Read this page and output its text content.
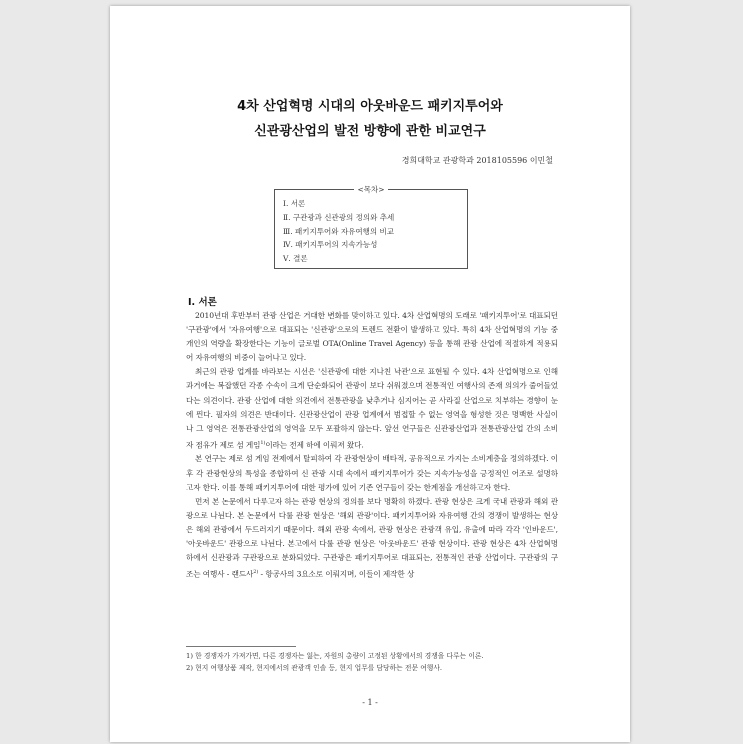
4차 산업혁명 시대의 아웃바운드 패키지투어와
신관광산업의 발전 방향에 관한 비교연구
경희대학교 관광학과 2018105596 이민철
<목차>
Ⅰ. 서론
Ⅱ. 구관광과 신관광의 정의와 추세
Ⅲ. 패키지투어와 자유여행의 비교
Ⅳ. 패키지투어의 지속가능성
Ⅴ. 결론
Ⅰ. 서론

2010년대 후반부터 관광 산업은 거대한 변화를 맞이하고 있다. 4차 산업혁명의 도래로 '패키지투어'로 대표되던 '구관광'에서 '자유여행'으로 대표되는 '신관광'으로의 트렌드 전환이 발생하고 있다. 특히 4차 산업혁명의 기능 중 개인의 역량을 확장한다는 기능이 글로벌 OTA(Online Travel Agency) 등을 통해 관광 산업에 적절하게 적용되어 자유여행의 비중이 늘어나고 있다.

최근의 관광 업계를 바라보는 시선은 '신관광에 대한 지나친 낙관'으로 표현될 수 있다. 4차 산업혁명으로 인해 과거에는 복잡했던 각종 수속이 크게 단순화되어 관광이 보다 쉬워졌으며 전통적인 여행사의 존재 의의가 줄어들었다는 의견이다. 관광 산업에 대한 의견에서 전통관광을 낮추거나 심지어는 곧 사라질 산업으로 치부하는 경향이 눈에 띈다. 필자의 의견은 반대이다. 신관광산업이 관광 업계에서 범접할 수 없는 영역을 형성한 것은 명백한 사실이나 그 영역은 전통관광산업의 영역을 모두 포괄하지 않는다. 앞선 연구들은 신관광산업과 전통관광산업 간의 소비자 점유가 제로 섬 게임$^{1)}$이라는 전제 하에 이뤄져 왔다.

본 연구는 제로 섬 게임 전제에서 탈피하여 각 관광현상이 배타적, 공유적으로 가지는 소비계층을 정의하겠다. 이후 각 관광현상의 특성을 종합하여 신 관광 시대 속에서 패키지투어가 갖는 지속가능성을 긍정적인 어조로 설명하고자 한다. 이를 통해 패키지투어에 대한 평가에 있어 기존 연구들이 갖는 한계점을 개선하고자 한다.

먼저 본 논문에서 다루고자 하는 관광 현상의 정의를 보다 명확히 하겠다. 관광 현상은 크게 국내 관광과 해외 관광으로 나뉜다. 본 논문에서 다룰 관광 현상은 '해외 관광'이다. 패키지투어와 자유여행 간의 경쟁이 발생하는 현상은 해외 관광에서 두드러지기 때문이다. 해외 관광 속에서, 관광 현상은 관광객 유입, 유출에 따라 각각 '인바운드', '아웃바운드' 관광으로 나뉜다. 본고에서 다룰 관광 현상은 '아웃바운드' 관광 현상이다. 관광 현상은 4차 산업혁명 하에서 신관광과 구관광으로 분화되었다. 구관광은 패키지투어로 대표되는, 전통적인 관광 산업이다. 구관광의 구조는 여행사 - 랜드사$^{2)}$ - 항공사의 3요소로 이뤄지며, 이들이 제작한 상

1) 한 경쟁자가 가져가면, 다른 경쟁자는 잃는, 자원의 총량이 고정된 상황에서의 경쟁을 다루는 이론.
2) 현지 여행상품 제작, 현지에서의 관광객 인솔 등, 현지 업무를 담당하는 전문 여행사.
- 1 -
